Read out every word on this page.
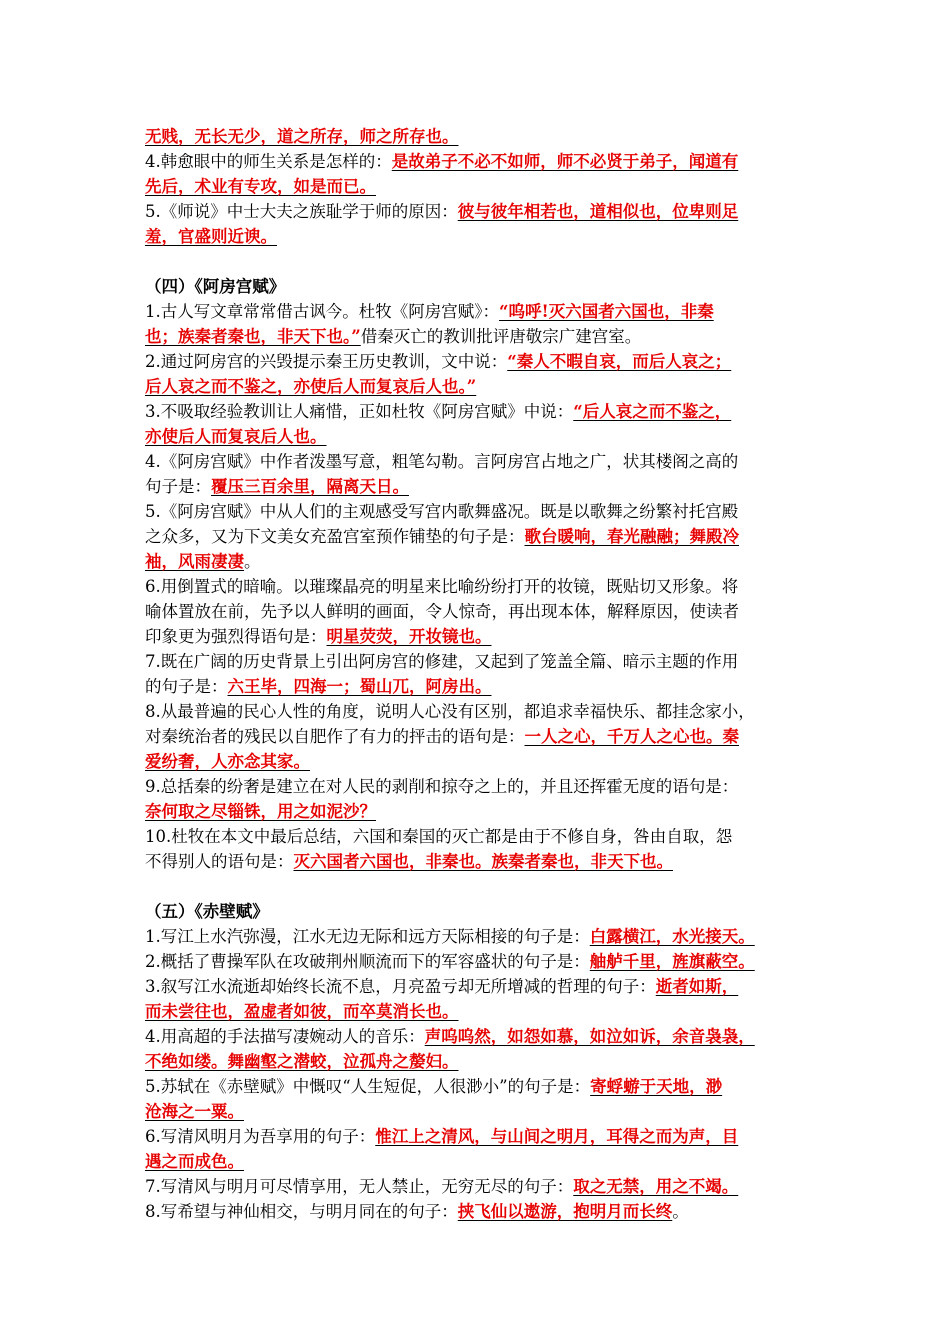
无贱，无长无少，道之所存，师之所存也。
4.韩愈眼中的师生关系是怎样的：是故弟子不必不如师，师不必贤于弟子，闻道有
先后，术业有专攻，如是而已。
5.《师说》中士大夫之族耻学于师的原因：彼与彼年相若也，道相似也，位卑则足
羞，官盛则近谀。
（四）《阿房宫赋》
1.古人写文章常常借古讽今。杜牧《阿房宫赋》：“呜呼!灭六国者六国也，非秦
也；族秦者秦也，非天下也。”借秦灭亡的教训批评唐敬宗广建宫室。
2.通过阿房宫的兴毁提示秦王历史教训，文中说：“秦人不暇自哀，而后人哀之；
后人哀之而不鉴之，亦使后人而复哀后人也。”
3.不吸取经验教训让人痛惜，正如杜牧《阿房宫赋》中说：“后人哀之而不鉴之，
亦使后人而复哀后人也。
4.《阿房宫赋》中作者泼墨写意，粗笔勾勒。言阿房宫占地之广，状其楼阁之高的
句子是：覆压三百余里，隔离天日。
5.《阿房宫赋》中从人们的主观感受写宫内歌舞盛况。既是以歌舞之纷繁衬托宫殿
之众多，又为下文美女充盈宫室预作铺垫的句子是：歌台暖响，春光融融；舞殿冷
袖，风雨凄凄。
6.用倒置式的暗喻。以璀璨晶亮的明星来比喻纷纷打开的妆镜，既贴切又形象。将
喻体置放在前，先予以人鲜明的画面，令人惊奇，再出现本体，解释原因，使读者
印象更为强烈得语句是：明星荧荧，开妆镜也。
7.既在广阔的历史背景上引出阿房宫的修建，又起到了笼盖全篇、暗示主题的作用
的句子是：六王毕，四海一；蜀山兀，阿房出。
8.从最普遍的民心人性的角度，说明人心没有区别，都追求幸福快乐、都挂念家小，
对秦统治者的残民以自肥作了有力的抨击的语句是：一人之心，千万人之心也。秦
爱纷奢，人亦念其家。
9.总括秦的纷奢是建立在对人民的剥削和掠夺之上的，并且还挥霍无度的语句是：
奈何取之尽锱铢，用之如泥沙？
10.杜牧在本文中最后总结，六国和秦国的灭亡都是由于不修自身，咎由自取，怨
不得别人的语句是：灭六国者六国也，非秦也。族秦者秦也，非天下也。
（五）《赤壁赋》
1.写江上水汽弥漫，江水无边无际和远方天际相接的句子是：白露横江，水光接天。
2.概括了曹操军队在攻破荆州顺流而下的军容盛状的句子是：舳舻千里，旌旗蔽空。
3.叙写江水流逝却始终长流不息，月亮盈亏却无所增减的哲理的句子：逝者如斯，
而未尝往也，盈虚者如彼，而卒莫消长也。
4.用高超的手法描写凄婉动人的音乐：声呜呜然，如怨如慕，如泣如诉，余音袅袅，
不绝如缕。舞幽壑之潜蛟，泣孤舟之嫠妇。
5.苏轼在《赤壁赋》中慨叹“人生短促，人很渺小”的句子是：寄蜉蝣于天地，渺
沧海之一粟。
6.写清风明月为吾享用的句子：惟江上之清风，与山间之明月，耳得之而为声，目
遇之而成色。
7.写清风与明月可尽情享用，无人禁止，无穷无尽的句子：取之无禁，用之不竭。
8.写希望与神仙相交，与明月同在的句子：挟飞仙以遨游，抱明月而长终。
